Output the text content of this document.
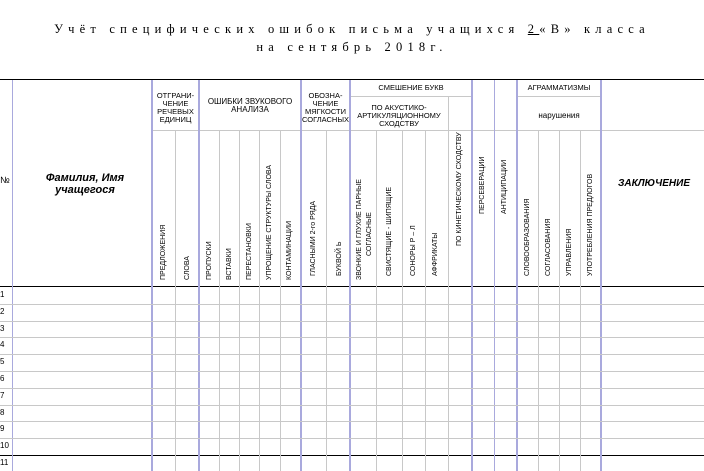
Учёт специфических ошибок письма учащихся 2«В» класса
на сентябрь 2018г.
№	Фамилия, Имя учащегося
ОТГРАНИ-ЧЕНИЕ РЕЧЕВЫХ ЕДИНИЦ
ОШИБКИ ЗВУКОВОГО АНАЛИЗА
ОБОЗНА-ЧЕНИЕ МЯГКОСТИ СОГЛАСНЫХ
СМЕШЕНИЕ БУКВ
ПО АКУСТИКО-АРТИКУЛЯЦИОННОМУ СХОДСТВУ
АГРАММАТИЗМЫ
нарушения
ЗАКЛЮЧЕНИЕ
ПРЕДЛОЖЕНИЯ СЛОВА ПРОПУСКИ ВСТАВКИ ПЕРЕСТАНОВКИ УПРОЩЕНИЕ СТРУКТУРЫ СЛОВА КОНТАМИНАЦИИ ГЛАСНЫМИ 2-го РЯДА	БУКВОЙ Ь ЗВОНКИЕ И ГЛУХИЕ ПАРНЫЕ СОГЛАСНЫЕ СВИСТЯЩИЕ - ШИПЯЩИЕ СОНОРЫ Р – Л АФФРИКАТЫ
ПО КИНЕТИЧЕСКОМУ СХОДСТВУ ПЕРСЕВЕРАЦИИ АНТИЦИПАЦИИ
СЛОВООБРАЗОВАНИЯ СОГЛАСОВАНИЯ УПРАВЛЕНИЯ УПОТРЕБЛЕНИЯ ПРЕДЛОГОВ
1
2
3
4
5
6
7
8
9
10
11
